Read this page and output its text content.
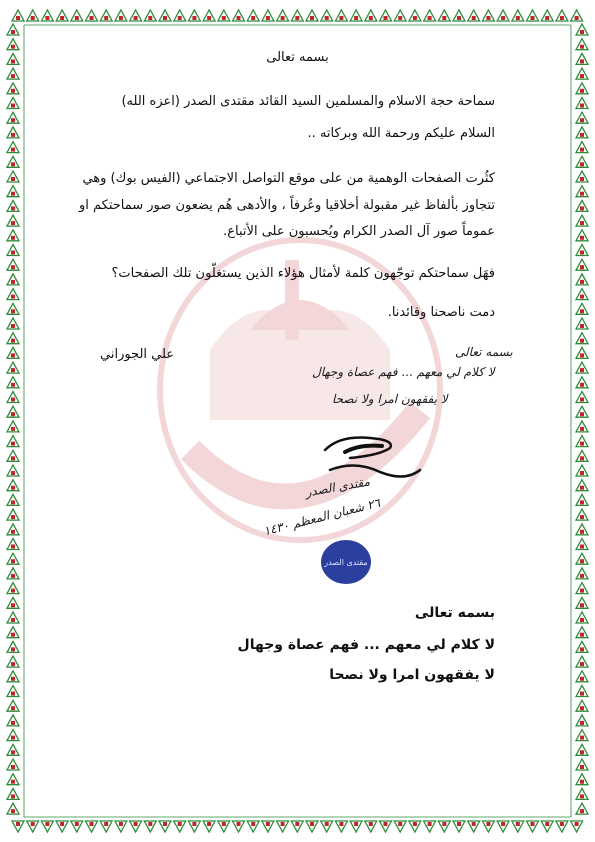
بسمه تعالى
سماحة حجة الاسلام والمسلمين السيد القائد مقتدى الصدر (اعزه الله)
السلام عليكم ورحمة الله وبركاته ..
كثُرت الصفحات الوهمية من على موقع التواصل الاجتماعي (الفيس بوك) وهي
تتجاوز بألفاظ غير مقبولة أخلاقيا وعُرفاً ، والأدهى هُم يضعون صور سماحتكم او
عموماً صور آل الصدر الكرام ويُحسبون على الأتباع.
فهَل سماحتكم توجّهون كلمة لأمثال هؤلاء الذين يستغلّون تلك الصفحات؟
دمت ناصحنا وقائدنا.
علي الجوراني	بسمه تعالى
لا كلام لي معهم ... فهم عصاة وجهال
لا يفقهون امرا ولا نصحا
مقتدى الصدر
٢٦ شعبان المعظم ١٤٣٠
مقتدى الصدر
بسمه تعالى
لا كلام لي معهم ... فهم عصاة وجهال
لا يفقهون امرا ولا نصحا
